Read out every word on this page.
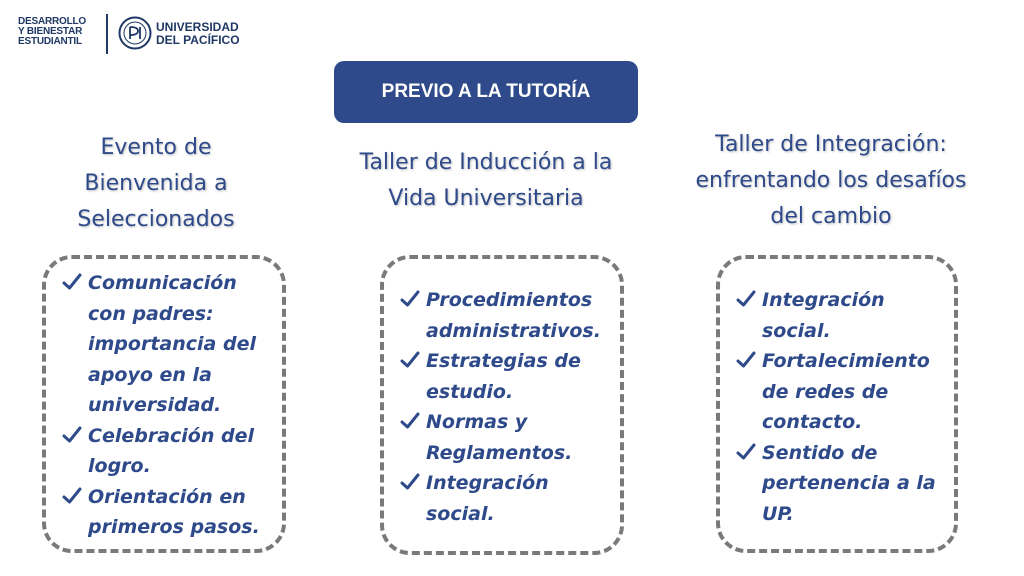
DESARROLLO
Y BIENESTAR
ESTUDIANTIL
UNIVERSIDAD
DEL PACÍFICO
PREVIO A LA TUTORÍA
Evento de Bienvenida a Seleccionados
Taller de Inducción a la Vida Universitaria
Taller de Integración: enfrentando los desafíos del cambio
Comunicación con padres: importancia del apoyo en la universidad.
Celebración del logro.
Orientación en primeros pasos.
Procedimientos administrativos.
Estrategias de estudio.
Normas y Reglamentos.
Integración social.
Integración social.
Fortalecimiento de redes de contacto.
Sentido de pertenencia a la UP.
